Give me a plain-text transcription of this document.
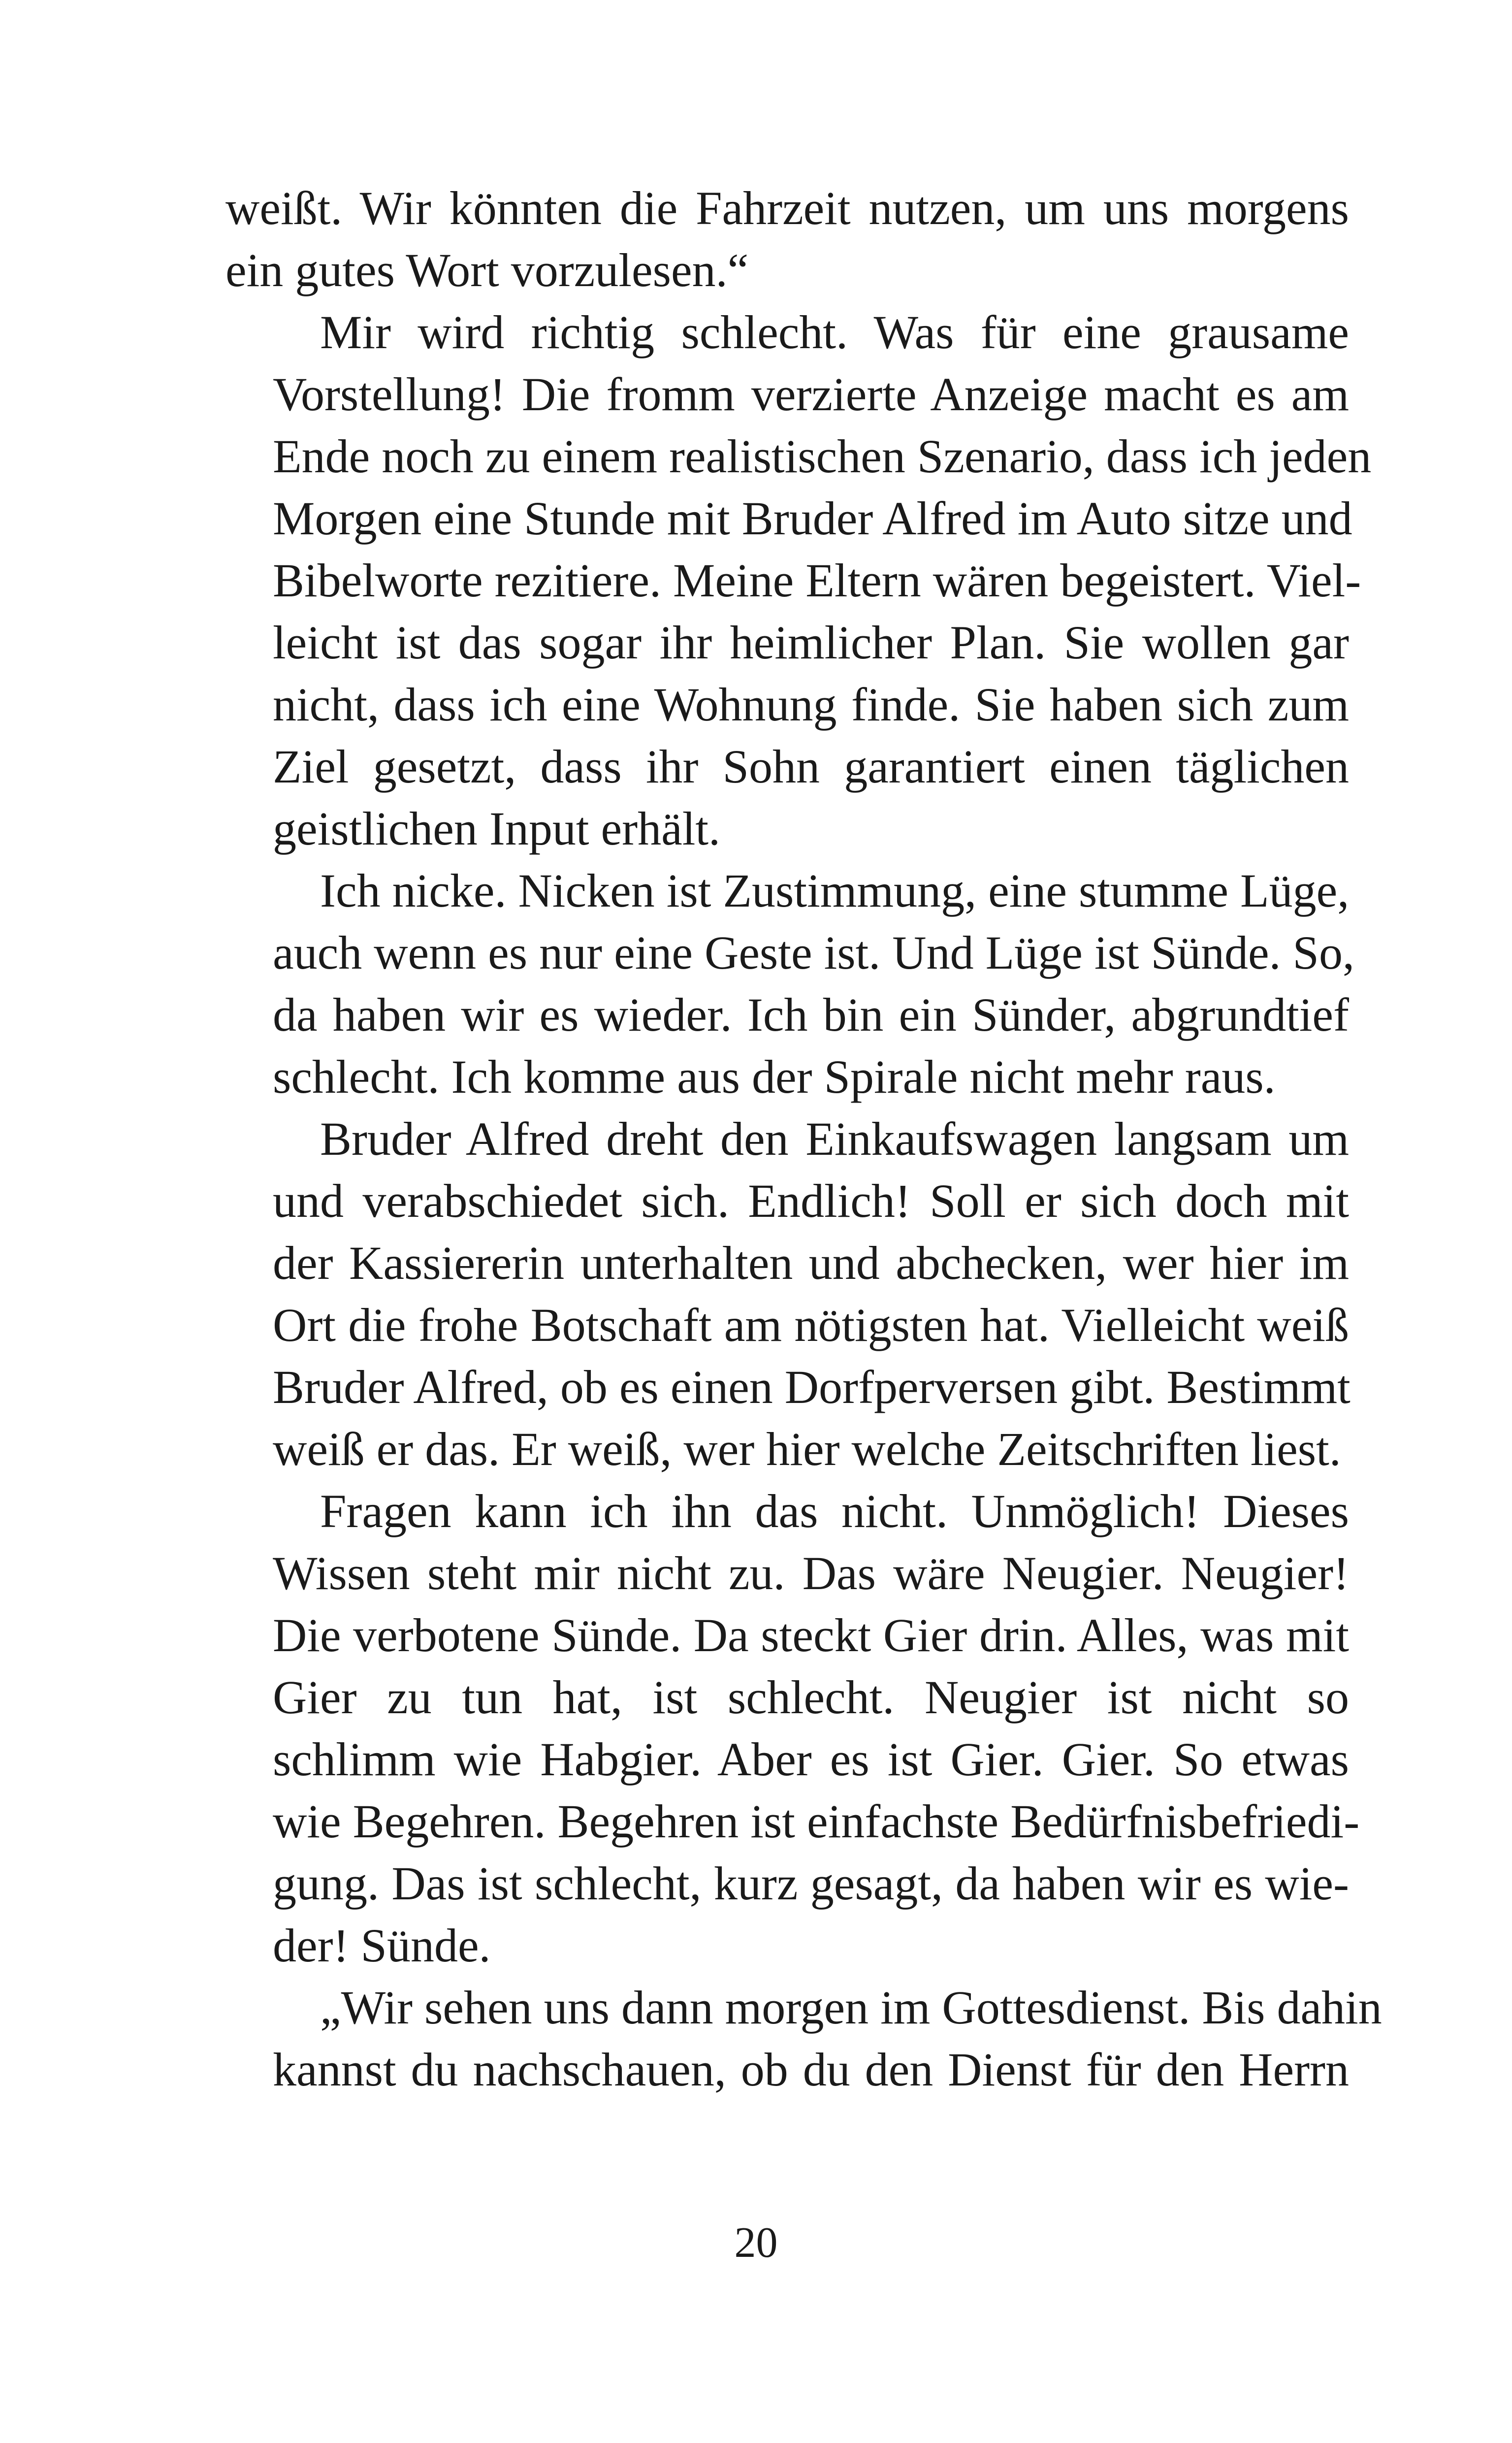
weißt. Wir könnten die Fahrzeit nutzen, um uns morgens
ein gutes Wort vorzulesen.“
Mir wird richtig schlecht. Was für eine grausame
Vorstellung! Die fromm verzierte Anzeige macht es am
Ende noch zu einem realistischen Szenario, dass ich jeden
Morgen eine Stunde mit Bruder Alfred im Auto sitze und
Bibelworte rezitiere. Meine Eltern wären begeistert. Viel-
leicht ist das sogar ihr heimlicher Plan. Sie wollen gar
nicht, dass ich eine Wohnung finde. Sie haben sich zum
Ziel gesetzt, dass ihr Sohn garantiert einen täglichen
geistlichen Input erhält.
Ich nicke. Nicken ist Zustimmung, eine stumme Lüge,
auch wenn es nur eine Geste ist. Und Lüge ist Sünde. So,
da haben wir es wieder. Ich bin ein Sünder, abgrundtief
schlecht. Ich komme aus der Spirale nicht mehr raus.
Bruder Alfred dreht den Einkaufswagen langsam um
und verabschiedet sich. Endlich! Soll er sich doch mit
der Kassiererin unterhalten und abchecken, wer hier im
Ort die frohe Botschaft am nötigsten hat. Vielleicht weiß
Bruder Alfred, ob es einen Dorfperversen gibt. Bestimmt
weiß er das. Er weiß, wer hier welche Zeitschriften liest.
Fragen kann ich ihn das nicht. Unmöglich! Dieses
Wissen steht mir nicht zu. Das wäre Neugier. Neugier!
Die verbotene Sünde. Da steckt Gier drin. Alles, was mit
Gier zu tun hat, ist schlecht. Neugier ist nicht so
schlimm wie Habgier. Aber es ist Gier. Gier. So etwas
wie Begehren. Begehren ist einfachste Bedürfnisbefriedi-
gung. Das ist schlecht, kurz gesagt, da haben wir es wie-
der! Sünde.
„Wir sehen uns dann morgen im Gottesdienst. Bis dahin
kannst du nachschauen, ob du den Dienst für den Herrn
20
